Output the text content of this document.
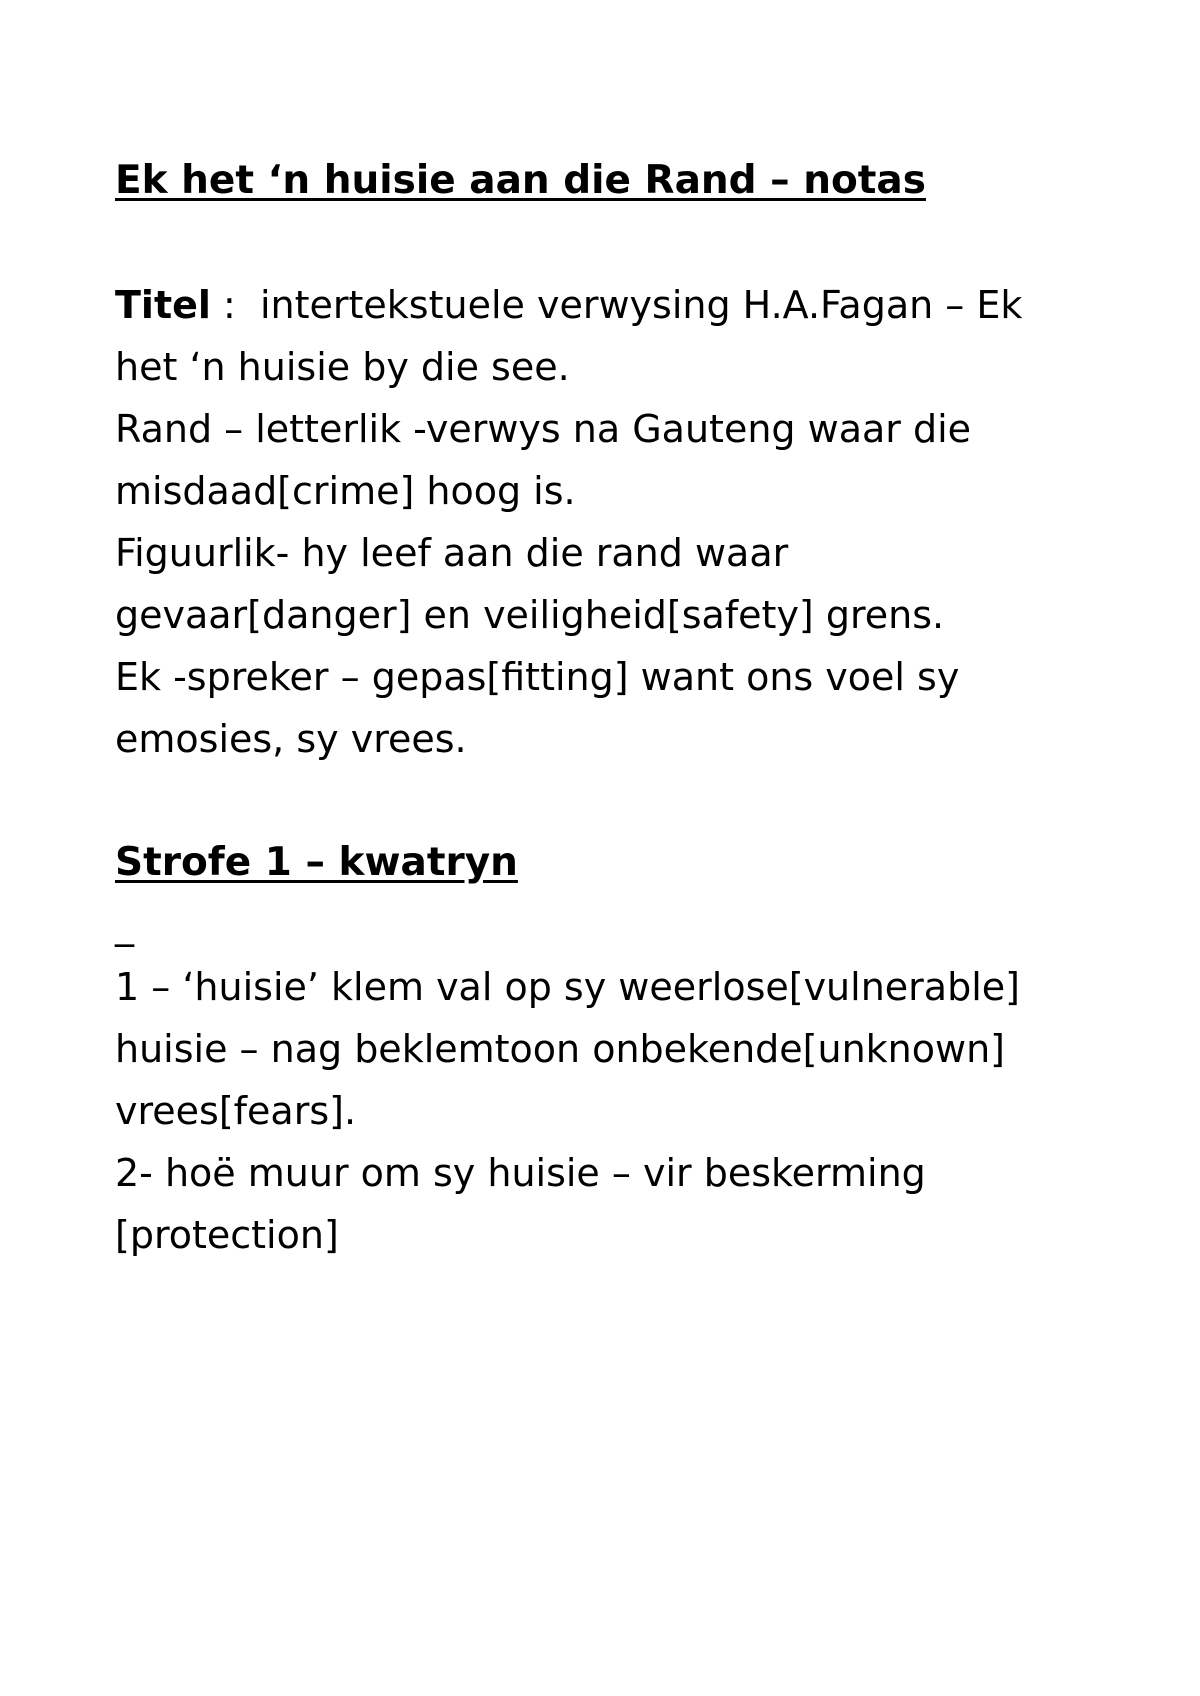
Ek het ‘n huisie aan die Rand – notas

Titel :  intertekstuele verwysing H.A.Fagan – Ek het ‘n huisie by die see.

Rand – letterlik -verwys na Gauteng waar die misdaad[crime] hoog is.

Figuurlik- hy leef aan die rand waar gevaar[danger] en veiligheid[safety] grens.

Ek -spreker – gepas[fitting] want ons voel sy emosies, sy vrees.

Strofe 1 – kwatryn

_

1 – ‘huisie’ klem val op sy weerlose[vulnerable] huisie – nag beklemtoon onbekende[unknown] vrees[fears].

2- hoë muur om sy huisie – vir beskerming [protection]
